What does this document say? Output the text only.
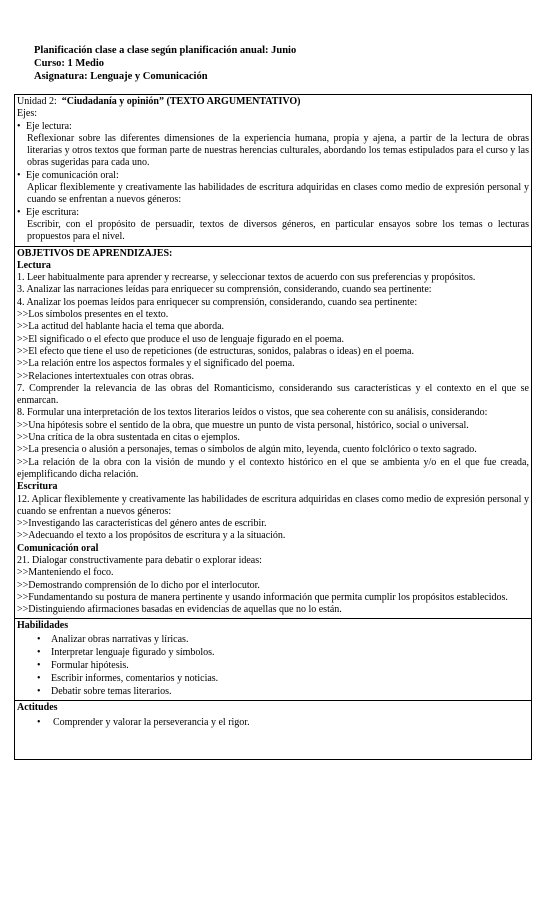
Planificación clase a clase según planificación anual: Junio
Curso: 1 Medio
Asignatura: Lenguaje y Comunicación
Unidad 2:  “Ciudadanía y opinión” (TEXTO ARGUMENTATIVO)
Ejes:
• Eje lectura:
Reflexionar sobre las diferentes dimensiones de la experiencia humana, propia y ajena, a partir de la lectura de obras literarias y otros textos que forman parte de nuestras herencias culturales, abordando los temas estipulados para el curso y las obras sugeridas para cada uno.
• Eje comunicación oral:
Aplicar flexiblemente y creativamente las habilidades de escritura adquiridas en clases como medio de expresión personal y cuando se enfrentan a nuevos géneros:
• Eje escritura:
Escribir, con el propósito de persuadir, textos de diversos géneros, en particular ensayos sobre los temas o lecturas propuestos para el nivel.
OBJETIVOS DE APRENDIZAJES:
Lectura
1. Leer habitualmente para aprender y recrearse, y seleccionar textos de acuerdo con sus preferencias y propósitos.
3. Analizar las narraciones leídas para enriquecer su comprensión, considerando, cuando sea pertinente:
4. Analizar los poemas leídos para enriquecer su comprensión, considerando, cuando sea pertinente:
>>Los símbolos presentes en el texto.
>>La actitud del hablante hacia el tema que aborda.
>>El significado o el efecto que produce el uso de lenguaje figurado en el poema.
>>El efecto que tiene el uso de repeticiones (de estructuras, sonidos, palabras o ideas) en el poema.
>>La relación entre los aspectos formales y el significado del poema.
>>Relaciones intertextuales con otras obras.
7. Comprender la relevancia de las obras del Romanticismo, considerando sus características y el contexto en el que se enmarcan.
8. Formular una interpretación de los textos literarios leídos o vistos, que sea coherente con su análisis, considerando:
>>Una hipótesis sobre el sentido de la obra, que muestre un punto de vista personal, histórico, social o universal.
>>Una crítica de la obra sustentada en citas o ejemplos.
>>La presencia o alusión a personajes, temas o símbolos de algún mito, leyenda, cuento folclórico o texto sagrado.
>>La relación de la obra con la visión de mundo y el contexto histórico en el que se ambienta y/o en el que fue creada, ejemplificando dicha relación.
Escritura
12. Aplicar flexiblemente y creativamente las habilidades de escritura adquiridas en clases como medio de expresión personal y cuando se enfrentan a nuevos géneros:
>>Investigando las características del género antes de escribir.
>>Adecuando el texto a los propósitos de escritura y a la situación.
Comunicación oral
21. Dialogar constructivamente para debatir o explorar ideas:
>>Manteniendo el foco.
>>Demostrando comprensión de lo dicho por el interlocutor.
>>Fundamentando su postura de manera pertinente y usando información que permita cumplir los propósitos establecidos.
>>Distinguiendo afirmaciones basadas en evidencias de aquellas que no lo están.
Habilidades
• Analizar obras narrativas y líricas.
• Interpretar lenguaje figurado y símbolos.
• Formular hipótesis.
• Escribir informes, comentarios y noticias.
• Debatir sobre temas literarios.
Actitudes
• Comprender y valorar la perseverancia y el rigor.
